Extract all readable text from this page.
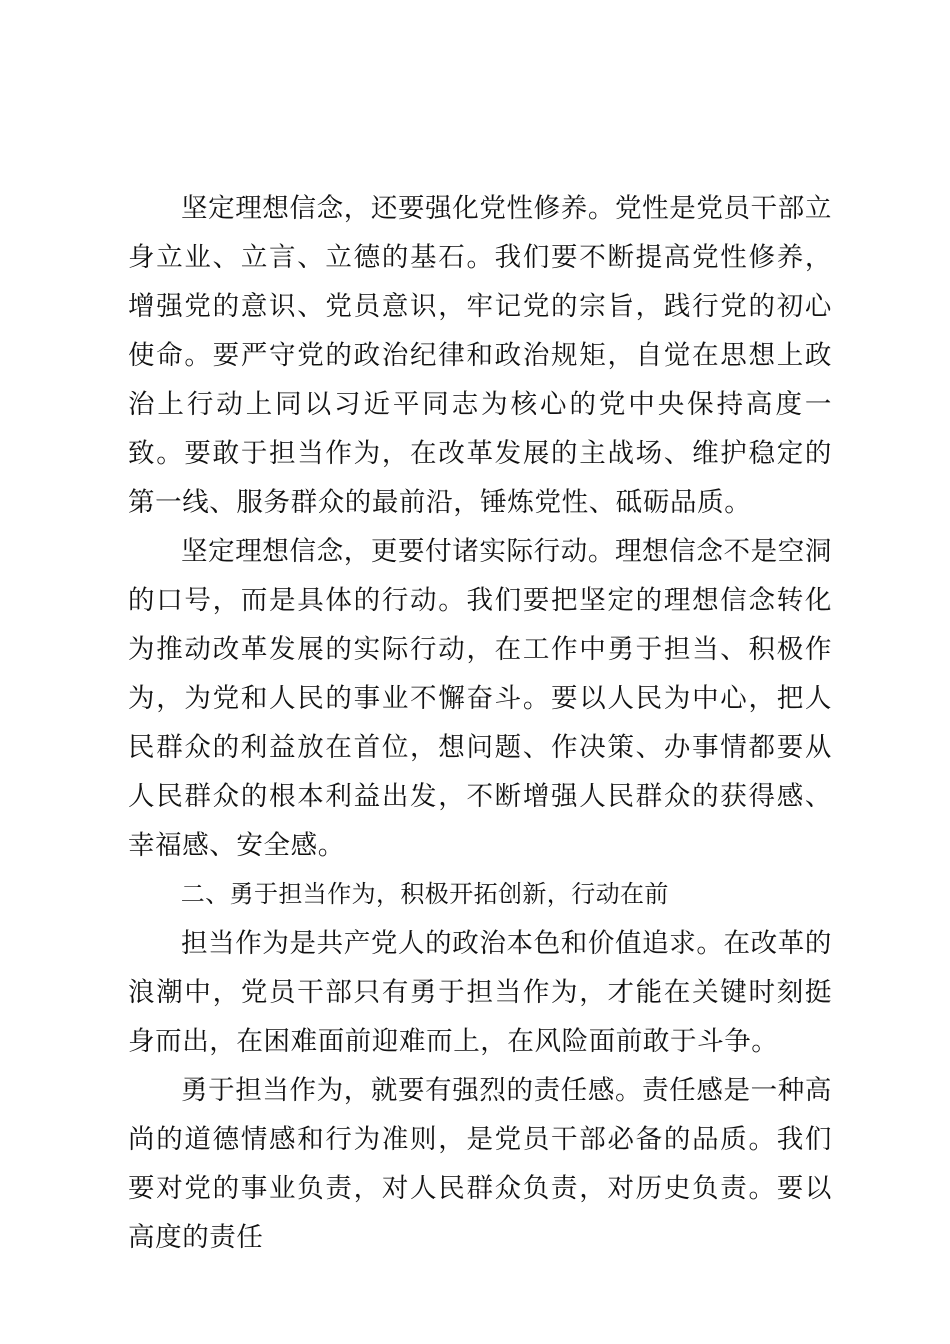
坚定理想信念，还要强化党性修养。党性是党员干部立身立业、立言、立德的基石。我们要不断提高党性修养，增强党的意识、党员意识，牢记党的宗旨，践行党的初心使命。要严守党的政治纪律和政治规矩，自觉在思想上政治上行动上同以习近平同志为核心的党中央保持高度一致。要敢于担当作为，在改革发展的主战场、维护稳定的第一线、服务群众的最前沿，锤炼党性、砥砺品质。

坚定理想信念，更要付诸实际行动。理想信念不是空洞的口号，而是具体的行动。我们要把坚定的理想信念转化为推动改革发展的实际行动，在工作中勇于担当、积极作为，为党和人民的事业不懈奋斗。要以人民为中心，把人民群众的利益放在首位，想问题、作决策、办事情都要从人民群众的根本利益出发，不断增强人民群众的获得感、幸福感、安全感。

二、勇于担当作为，积极开拓创新，行动在前

担当作为是共产党人的政治本色和价值追求。在改革的浪潮中，党员干部只有勇于担当作为，才能在关键时刻挺身而出，在困难面前迎难而上，在风险面前敢于斗争。

勇于担当作为，就要有强烈的责任感。责任感是一种高尚的道德情感和行为准则，是党员干部必备的品质。我们要对党的事业负责，对人民群众负责，对历史负责。要以高度的责任
